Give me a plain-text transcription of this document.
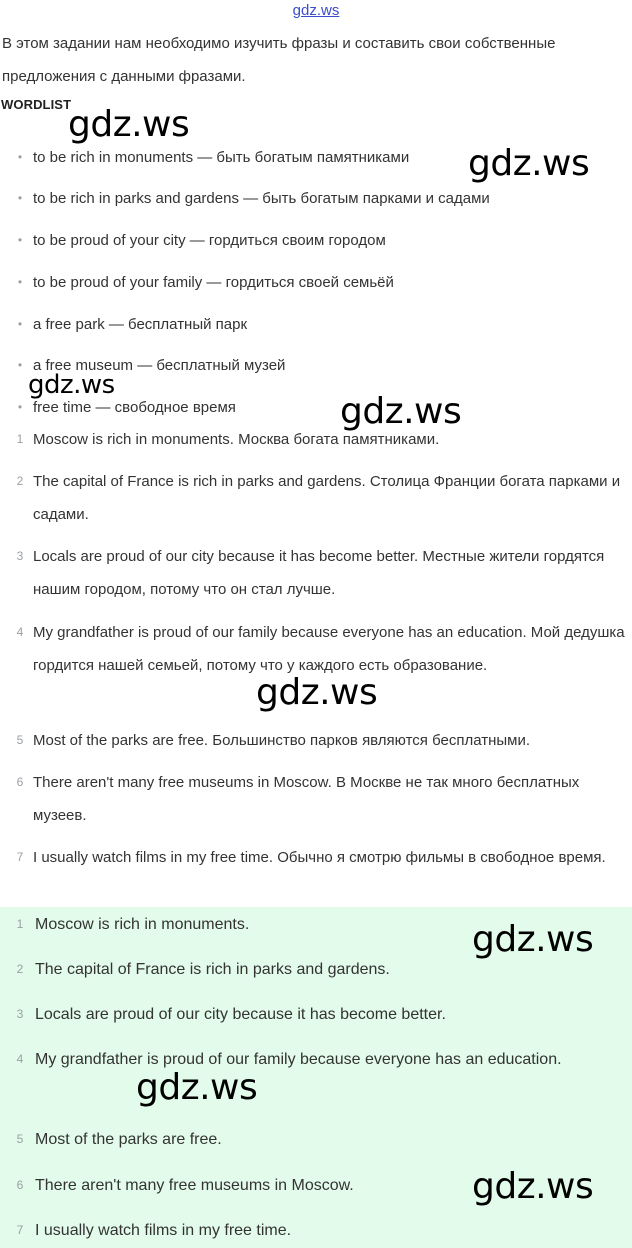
gdz.ws
В этом задании нам необходимо изучить фразы и составить свои собственные предложения с данными фразами.
WORDLIST
• to be rich in monuments — быть богатым памятниками
• to be rich in parks and gardens — быть богатым парками и садами
• to be proud of your city — гордиться своим городом
• to be proud of your family — гордиться своей семьёй
• a free park — бесплатный парк
• a free museum — бесплатный музей
• free time — свободное время
1 Moscow is rich in monuments. Москва богата памятниками.
2 The capital of France is rich in parks and gardens. Столица Франции богата парками и садами.
3 Locals are proud of our city because it has become better. Местные жители гордятся нашим городом, потому что он стал лучше.
4 My grandfather is proud of our family because everyone has an education. Мой дедушка гордится нашей семьей, потому что у каждого есть образование.
5 Most of the parks are free. Большинство парков являются бесплатными.
6 There aren't many free museums in Moscow. В Москве не так много бесплатных музеев.
7 I usually watch films in my free time. Обычно я смотрю фильмы в свободное время.
1 Moscow is rich in monuments.
2 The capital of France is rich in parks and gardens.
3 Locals are proud of our city because it has become better.
4 My grandfather is proud of our family because everyone has an education.
5 Most of the parks are free.
6 There aren't many free museums in Moscow.
7 I usually watch films in my free time.
gdz.ws
gdz.ws
gdz.ws
gdz.ws
gdz.ws
gdz.ws
gdz.ws
gdz.ws
